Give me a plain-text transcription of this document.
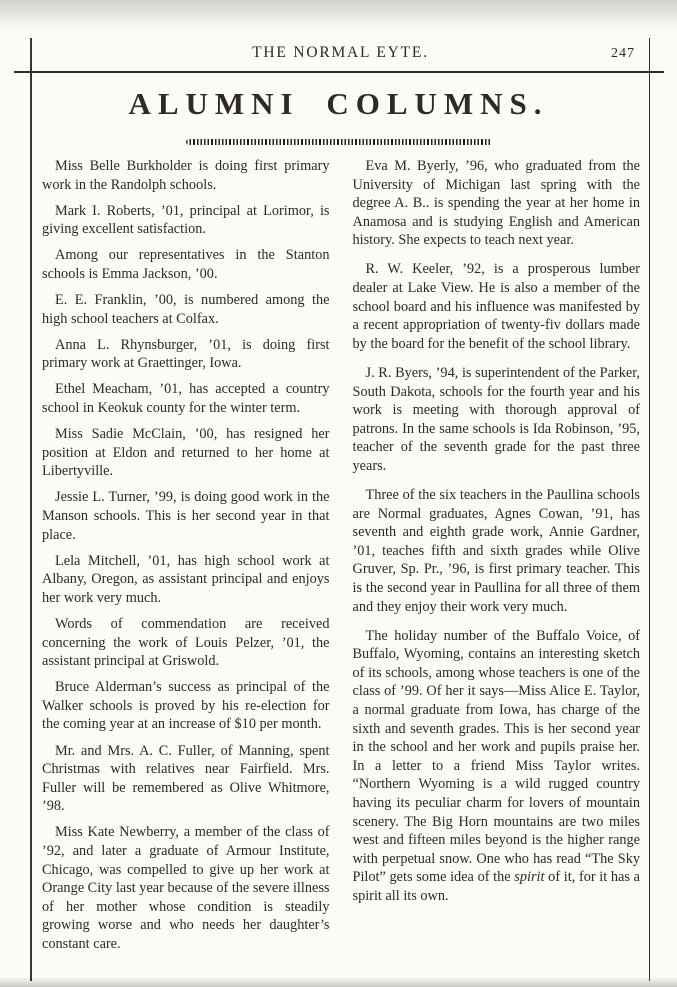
THE NORMAL EYTE.	247
ALUMNI COLUMNS.

Miss Belle Burkholder is doing first primary work in the Randolph schools.

Mark I. Roberts, ’01, principal at Lorimor, is giving excellent satisfaction.

Among our representatives in the Stanton schools is Emma Jackson, ’00.

E. E. Franklin, ’00, is numbered among the high school teachers at Colfax.

Anna L. Rhynsburger, ’01, is doing first primary work at Graettinger, Iowa.

Ethel Meacham, ’01, has accepted a country school in Keokuk county for the winter term.

Miss Sadie McClain, ’00, has resigned her position at Eldon and returned to her home at Libertyville.

Jessie L. Turner, ’99, is doing good work in the Manson schools. This is her second year in that place.

Lela Mitchell, ’01, has high school work at Albany, Oregon, as assistant principal and enjoys her work very much.

Words of commendation are received concerning the work of Louis Pelzer, ’01, the assistant principal at Griswold.

Bruce Alderman’s success as principal of the Walker schools is proved by his re-election for the coming year at an increase of $10 per month.

Mr. and Mrs. A. C. Fuller, of Manning, spent Christmas with relatives near Fairfield. Mrs. Fuller will be remembered as Olive Whitmore, ’98.

Miss Kate Newberry, a member of the class of ’92, and later a graduate of Armour Institute, Chicago, was compelled to give up her work at Orange City last year because of the severe illness of her mother whose condition is steadily growing worse and who needs her daughter’s constant care.

Eva M. Byerly, ’96, who graduated from the University of Michigan last spring with the degree A. B.. is spending the year at her home in Anamosa and is studying English and American history. She expects to teach next year.

R. W. Keeler, ’92, is a prosperous lumber dealer at Lake View. He is also a member of the school board and his influence was manifested by a recent appropriation of twenty-fiv dollars made by the board for the benefit of the school library.

J. R. Byers, ’94, is superintendent of the Parker, South Dakota, schools for the fourth year and his work is meeting with thorough approval of patrons. In the same schools is Ida Robinson, ’95, teacher of the seventh grade for the past three years.

Three of the six teachers in the Paullina schools are Normal graduates, Agnes Cowan, ’91, has seventh and eighth grade work, Annie Gardner, ’01, teaches fifth and sixth grades while Olive Gruver, Sp. Pr., ’96, is first primary teacher. This is the second year in Paullina for all three of them and they enjoy their work very much.

The holiday number of the Buffalo Voice, of Buffalo, Wyoming, contains an interesting sketch of its schools, among whose teachers is one of the class of ’99. Of her it says—Miss Alice E. Taylor, a normal graduate from Iowa, has charge of the sixth and seventh grades. This is her second year in the school and her work and pupils praise her. In a letter to a friend Miss Taylor writes. “Northern Wyoming is a wild rugged country having its peculiar charm for lovers of mountain scenery. The Big Horn mountains are two miles west and fifteen miles beyond is the higher range with perpetual snow. One who has read “The Sky Pilot” gets some idea of the spirit of it, for it has a spirit all its own.
